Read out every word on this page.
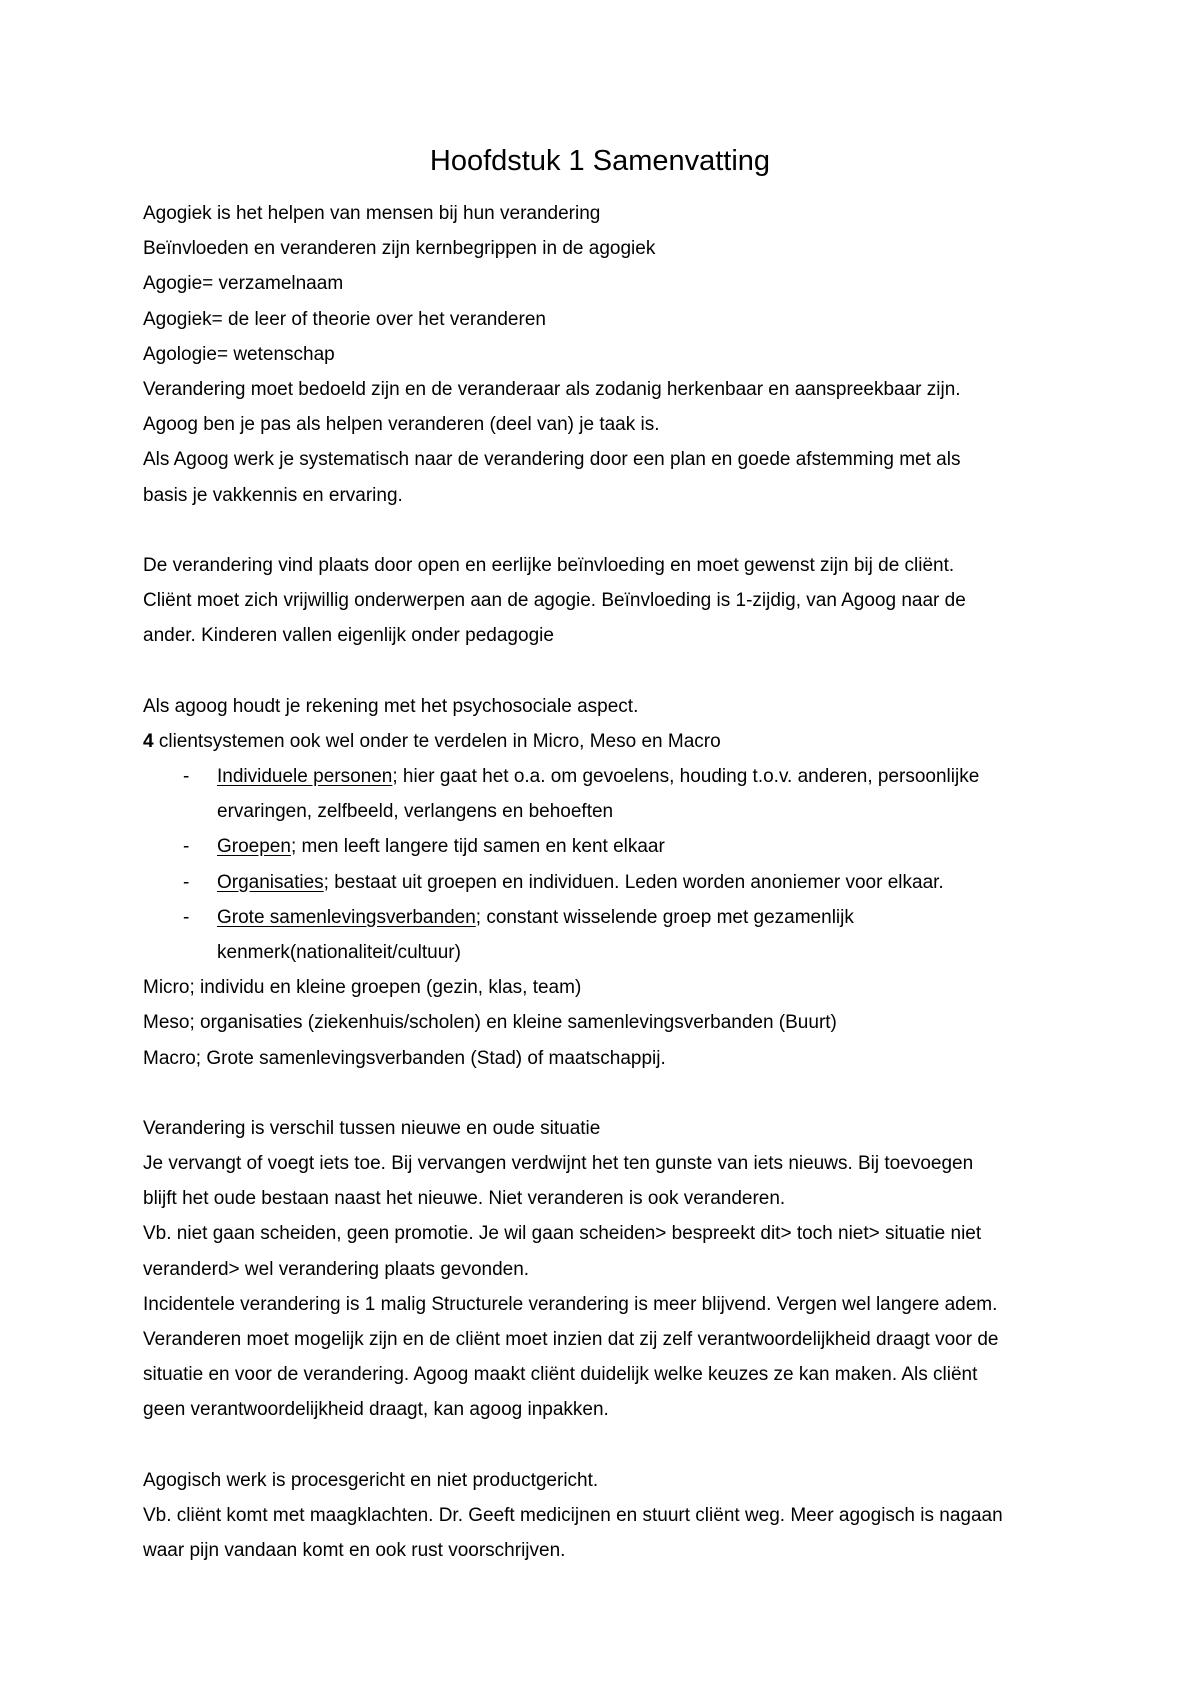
Hoofdstuk 1 Samenvatting
Agogiek is het helpen van mensen bij hun verandering
Beïnvloeden en veranderen zijn kernbegrippen in de agogiek
Agogie= verzamelnaam
Agogiek= de leer of theorie over het veranderen
Agologie= wetenschap
Verandering moet bedoeld zijn en de veranderaar als zodanig herkenbaar en aanspreekbaar zijn.
Agoog ben je pas als helpen veranderen (deel van) je taak is.
Als Agoog werk je systematisch naar de verandering door een plan en goede afstemming met als
basis je vakkennis en ervaring.
De verandering vind plaats door open en eerlijke beïnvloeding en moet gewenst zijn bij de cliënt.
Cliënt moet zich vrijwillig onderwerpen aan de agogie. Beïnvloeding is 1-zijdig, van Agoog naar de
ander. Kinderen vallen eigenlijk onder pedagogie
Als agoog houdt je rekening met het psychosociale aspect.
4 clientsystemen ook wel onder te verdelen in Micro, Meso en Macro
- Individuele personen; hier gaat het o.a. om gevoelens, houding t.o.v. anderen, persoonlijke
ervaringen, zelfbeeld, verlangens en behoeften
- Groepen; men leeft langere tijd samen en kent elkaar
- Organisaties; bestaat uit groepen en individuen. Leden worden anoniemer voor elkaar.
- Grote samenlevingsverbanden; constant wisselende groep met gezamenlijk
kenmerk(nationaliteit/cultuur)
Micro; individu en kleine groepen (gezin, klas, team)
Meso; organisaties (ziekenhuis/scholen) en kleine samenlevingsverbanden (Buurt)
Macro; Grote samenlevingsverbanden (Stad) of maatschappij.
Verandering is verschil tussen nieuwe en oude situatie
Je vervangt of voegt iets toe. Bij vervangen verdwijnt het ten gunste van iets nieuws. Bij toevoegen
blijft het oude bestaan naast het nieuwe. Niet veranderen is ook veranderen.
Vb. niet gaan scheiden, geen promotie. Je wil gaan scheiden> bespreekt dit> toch niet> situatie niet
veranderd> wel verandering plaats gevonden.
Incidentele verandering is 1 malig Structurele verandering is meer blijvend. Vergen wel langere adem.
Veranderen moet mogelijk zijn en de cliënt moet inzien dat zij zelf verantwoordelijkheid draagt voor de
situatie en voor de verandering. Agoog maakt cliënt duidelijk welke keuzes ze kan maken. Als cliënt
geen verantwoordelijkheid draagt, kan agoog inpakken.
Agogisch werk is procesgericht en niet productgericht.
Vb. cliënt komt met maagklachten. Dr. Geeft medicijnen en stuurt cliënt weg. Meer agogisch is nagaan
waar pijn vandaan komt en ook rust voorschrijven.
